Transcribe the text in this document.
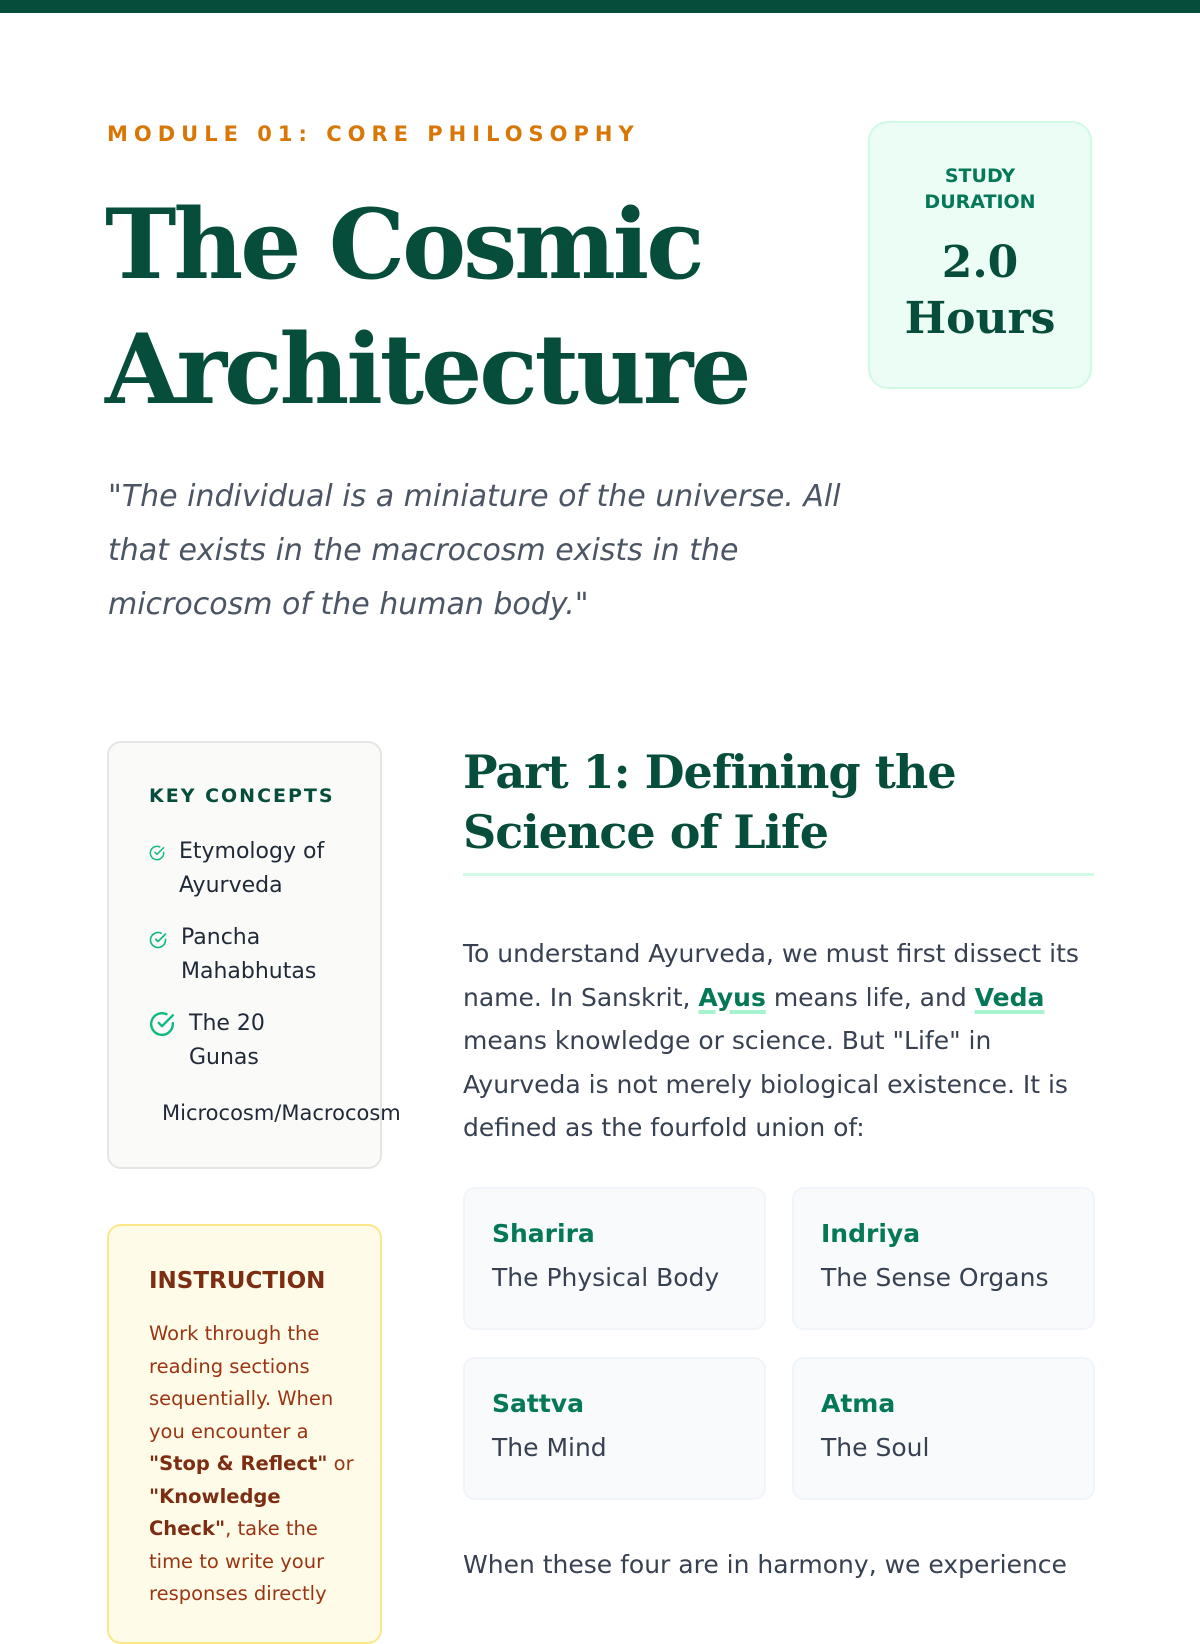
MODULE 01: CORE PHILOSOPHY
The Cosmic
Architecture
STUDY DURATION
2.0
Hours

"The individual is a miniature of the universe. All that exists in the macrocosm exists in the microcosm of the human body."

KEY CONCEPTS
Etymology of Ayurveda
Pancha Mahabhutas
The 20 Gunas
Microcosm/Macrocosm
INSTRUCTION

Work through the reading sections sequentially. When you encounter a "Stop & Reflect" or "Knowledge Check", take the time to write your responses directly

Part 1: Defining the Science of Life

To understand Ayurveda, we must first dissect its name. In Sanskrit, Ayus means life, and Veda means knowledge or science. But "Life" in Ayurveda is not merely biological existence. It is defined as the fourfold union of:

Sharira
The Physical Body
Indriya
The Sense Organs
Sattva
The Mind
Atma
The Soul

When these four are in harmony, we experience
